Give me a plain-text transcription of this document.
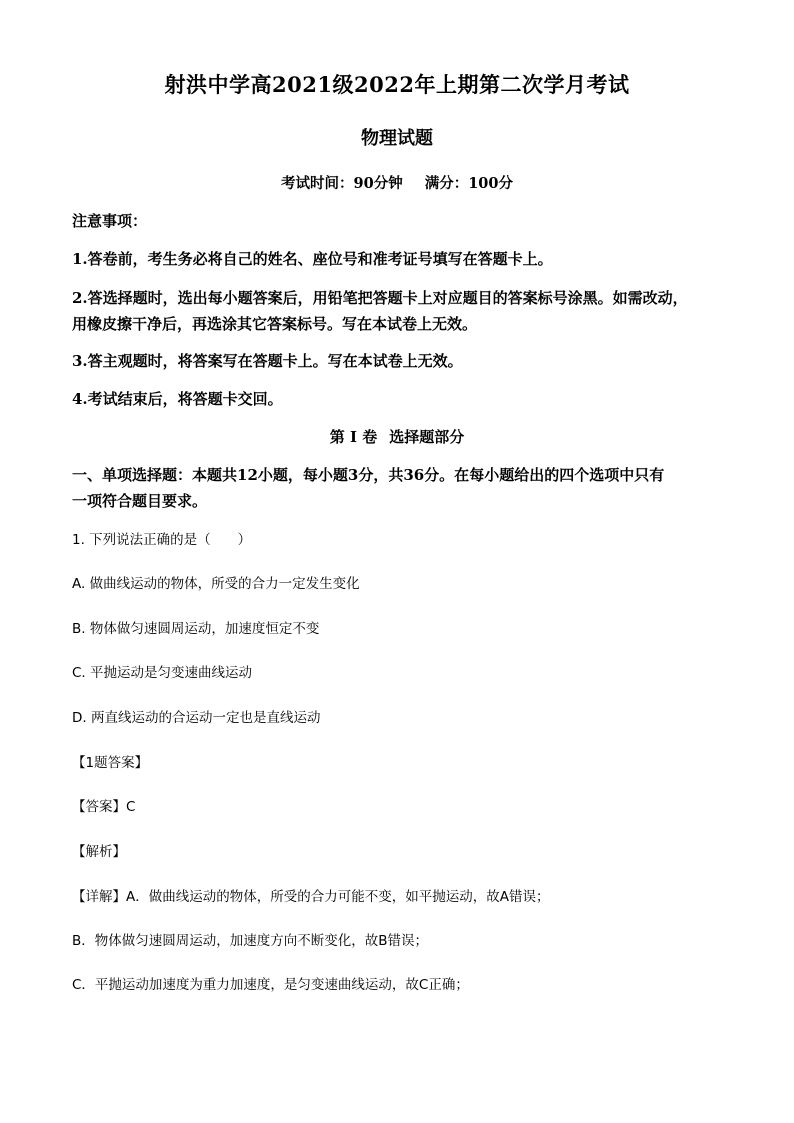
射洪中学高2021级2022年上期第二次学月考试
物理试题
考试时间：90分钟 满分：100分
注意事项：
1.答卷前，考生务必将自己的姓名、座位号和准考证号填写在答题卡上。
2.答选择题时，选出每小题答案后，用铅笔把答题卡上对应题目的答案标号涂黑。如需改动，
用橡皮擦干净后，再选涂其它答案标号。写在本试卷上无效。
3.答主观题时，将答案写在答题卡上。写在本试卷上无效。
4.考试结束后，将答题卡交回。
第 I 卷 选择题部分
一、单项选择题：本题共12小题，每小题3分，共36分。在每小题给出的四个选项中只有
一项符合题目要求。
1. 下列说法正确的是（　　）
A. 做曲线运动的物体，所受的合力一定发生变化
B. 物体做匀速圆周运动，加速度恒定不变
C. 平抛运动是匀变速曲线运动
D. 两直线运动的合运动一定也是直线运动
【1题答案】
【答案】C
【解析】
【详解】A．做曲线运动的物体，所受的合力可能不变，如平抛运动，故A错误；
B．物体做匀速圆周运动，加速度方向不断变化，故B错误；
C．平抛运动加速度为重力加速度，是匀变速曲线运动，故C正确；
